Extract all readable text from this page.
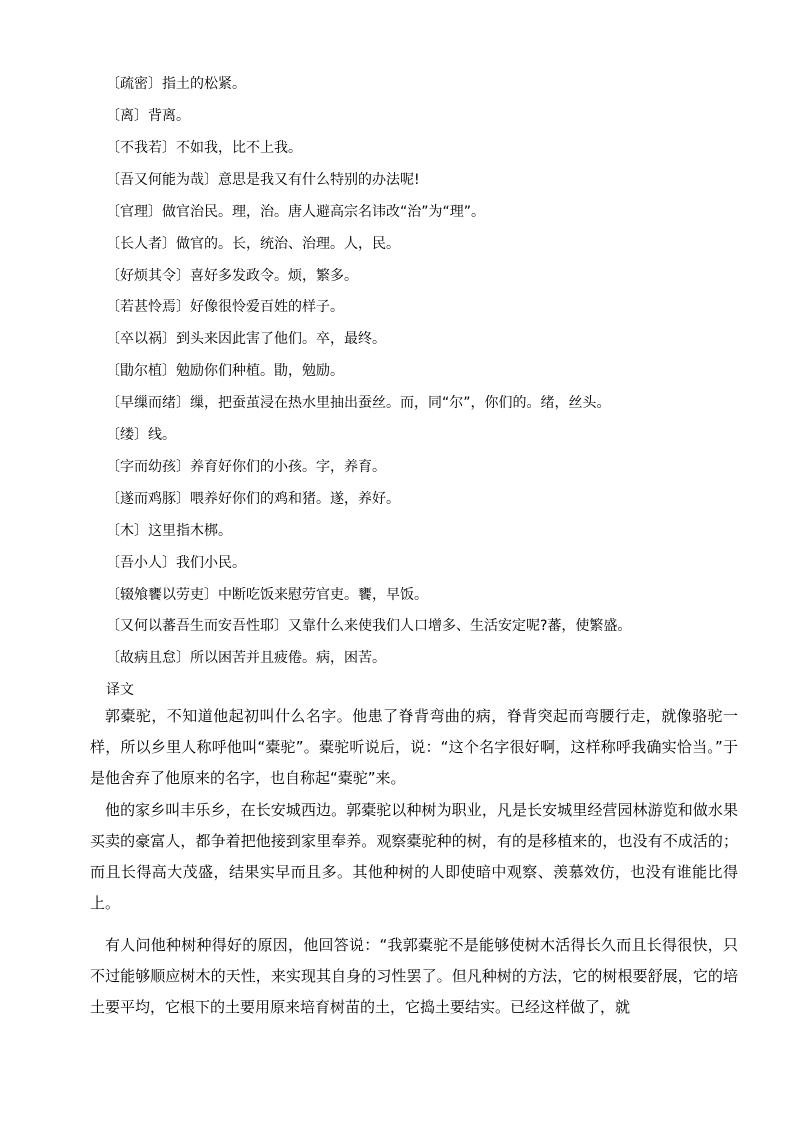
〔疏密〕指土的松紧。
〔离〕背离。
〔不我若〕不如我，比不上我。
〔吾又何能为哉〕意思是我又有什么特别的办法呢!
〔官理〕做官治民。理，治。唐人避高宗名讳改“治”为“理”。
〔长人者〕做官的。长，统治、治理。人，民。
〔好烦其令〕喜好多发政令。烦，繁多。
〔若甚怜焉〕好像很怜爱百姓的样子。
〔卒以祸〕到头来因此害了他们。卒，最终。
〔勖尔植〕勉励你们种植。勖，勉励。
〔早缫而绪〕缫，把蚕茧浸在热水里抽出蚕丝。而，同“尔”，你们的。绪，丝头。
〔缕〕线。
〔字而幼孩〕养育好你们的小孩。字，养育。
〔遂而鸡豚〕喂养好你们的鸡和猪。遂，养好。
〔木〕这里指木梆。
〔吾小人〕我们小民。
〔辍飧饔以劳吏〕中断吃饭来慰劳官吏。饔，早饭。
〔又何以蕃吾生而安吾性耶〕又靠什么来使我们人口增多、生活安定呢?蕃，使繁盛。
〔故病且怠〕所以困苦并且疲倦。病，困苦。
译文

郭橐驼，不知道他起初叫什么名字。他患了脊背弯曲的病，脊背突起而弯腰行走，就像骆驼一样，所以乡里人称呼他叫“橐驼”。橐驼听说后，说：“这个名字很好啊，这样称呼我确实恰当。”于是他舍弃了他原来的名字，也自称起“橐驼”来。

他的家乡叫丰乐乡，在长安城西边。郭橐驼以种树为职业，凡是长安城里经营园林游览和做水果买卖的豪富人，都争着把他接到家里奉养。观察橐驼种的树，有的是移植来的，也没有不成活的；而且长得高大茂盛，结果实早而且多。其他种树的人即使暗中观察、羡慕效仿，也没有谁能比得上。

有人问他种树种得好的原因，他回答说：“我郭橐驼不是能够使树木活得长久而且长得很快，只不过能够顺应树木的天性，来实现其自身的习性罢了。但凡种树的方法，它的树根要舒展，它的培土要平均，它根下的土要用原来培育树苗的土，它捣土要结实。已经这样做了，就
